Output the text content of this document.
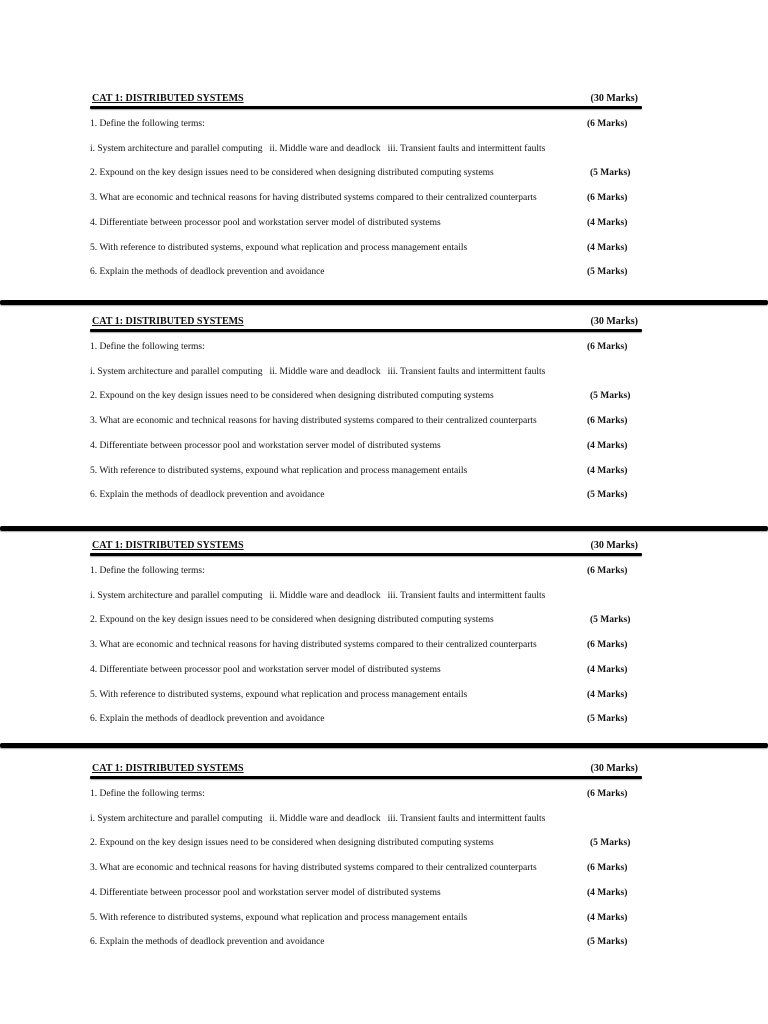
CAT 1: DISTRIBUTED SYSTEMS	(30 Marks)
1. Define the following terms:	(6 Marks)
i. System architecture and parallel computing ii. Middle ware and deadlock iii. Transient faults and intermittent faults
2. Expound on the key design issues need to be considered when designing distributed computing systems	(5 Marks)
3. What are economic and technical reasons for having distributed systems compared to their centralized counterparts	(6 Marks)
4. Differentiate between processor pool and workstation server model of distributed systems	(4 Marks)
5. With reference to distributed systems, expound what replication and process management entails	(4 Marks)
6. Explain the methods of deadlock prevention and avoidance	(5 Marks)
CAT 1: DISTRIBUTED SYSTEMS	(30 Marks)
1. Define the following terms:	(6 Marks)
i. System architecture and parallel computing ii. Middle ware and deadlock iii. Transient faults and intermittent faults
2. Expound on the key design issues need to be considered when designing distributed computing systems	(5 Marks)
3. What are economic and technical reasons for having distributed systems compared to their centralized counterparts	(6 Marks)
4. Differentiate between processor pool and workstation server model of distributed systems	(4 Marks)
5. With reference to distributed systems, expound what replication and process management entails	(4 Marks)
6. Explain the methods of deadlock prevention and avoidance	(5 Marks)
CAT 1: DISTRIBUTED SYSTEMS	(30 Marks)
1. Define the following terms:	(6 Marks)
i. System architecture and parallel computing ii. Middle ware and deadlock iii. Transient faults and intermittent faults
2. Expound on the key design issues need to be considered when designing distributed computing systems	(5 Marks)
3. What are economic and technical reasons for having distributed systems compared to their centralized counterparts	(6 Marks)
4. Differentiate between processor pool and workstation server model of distributed systems	(4 Marks)
5. With reference to distributed systems, expound what replication and process management entails	(4 Marks)
6. Explain the methods of deadlock prevention and avoidance	(5 Marks)
CAT 1: DISTRIBUTED SYSTEMS	(30 Marks)
1. Define the following terms:	(6 Marks)
i. System architecture and parallel computing ii. Middle ware and deadlock iii. Transient faults and intermittent faults
2. Expound on the key design issues need to be considered when designing distributed computing systems	(5 Marks)
3. What are economic and technical reasons for having distributed systems compared to their centralized counterparts	(6 Marks)
4. Differentiate between processor pool and workstation server model of distributed systems	(4 Marks)
5. With reference to distributed systems, expound what replication and process management entails	(4 Marks)
6. Explain the methods of deadlock prevention and avoidance	(5 Marks)
